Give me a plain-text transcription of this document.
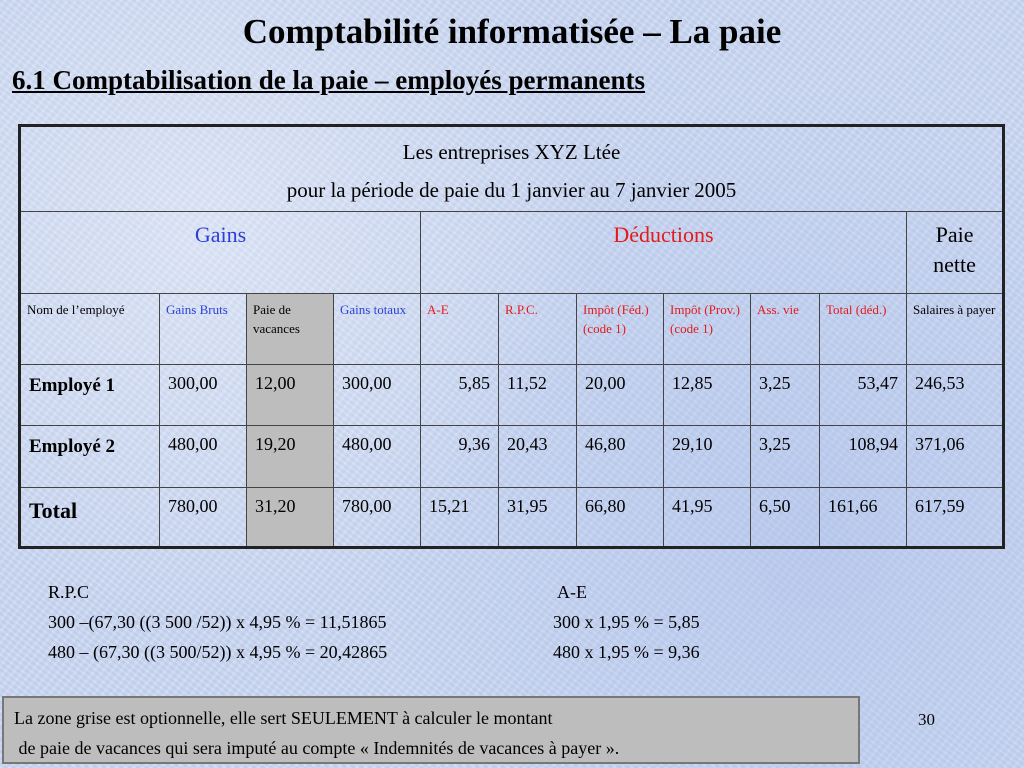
Comptabilité informatisée – La paie
6.1 Comptabilisation de la paie – employés permanents
Les entreprises XYZ Ltée
pour la période de paie du 1 janvier au 7 janvier 2005										

Gains				Déductions						Paie
nette

Nom de l’employé	Gains Bruts	Paie de vacances	Gains totaux	A-E	R.P.C.	Impôt (Féd.) (code 1)	Impôt (Prov.) (code 1)	Ass. vie	Total (déd.)	Salaires à payer
Employé 1	300,00	12,00	300,00	5,85	11,52	20,00	12,85	3,25	53,47	246,53
Employé 2	480,00	19,20	480,00	9,36	20,43	46,80	29,10	3,25	108,94	371,06
Total	780,00	31,20	780,00	15,21	31,95	66,80	41,95	6,50	161,66	617,59
R.P.C	A-E
300 –(67,30 ((3 500 /52)) x 4,95 % = 11,51865	300 x 1,95 % = 5,85
480 – (67,30 ((3 500/52)) x 4,95 % = 20,42865	480 x 1,95 % = 9,36
La zone grise est optionnelle, elle sert SEULEMENT à calculer le montant
de paie de vacances qui sera imputé au compte « Indemnités de vacances à payer ».
30
